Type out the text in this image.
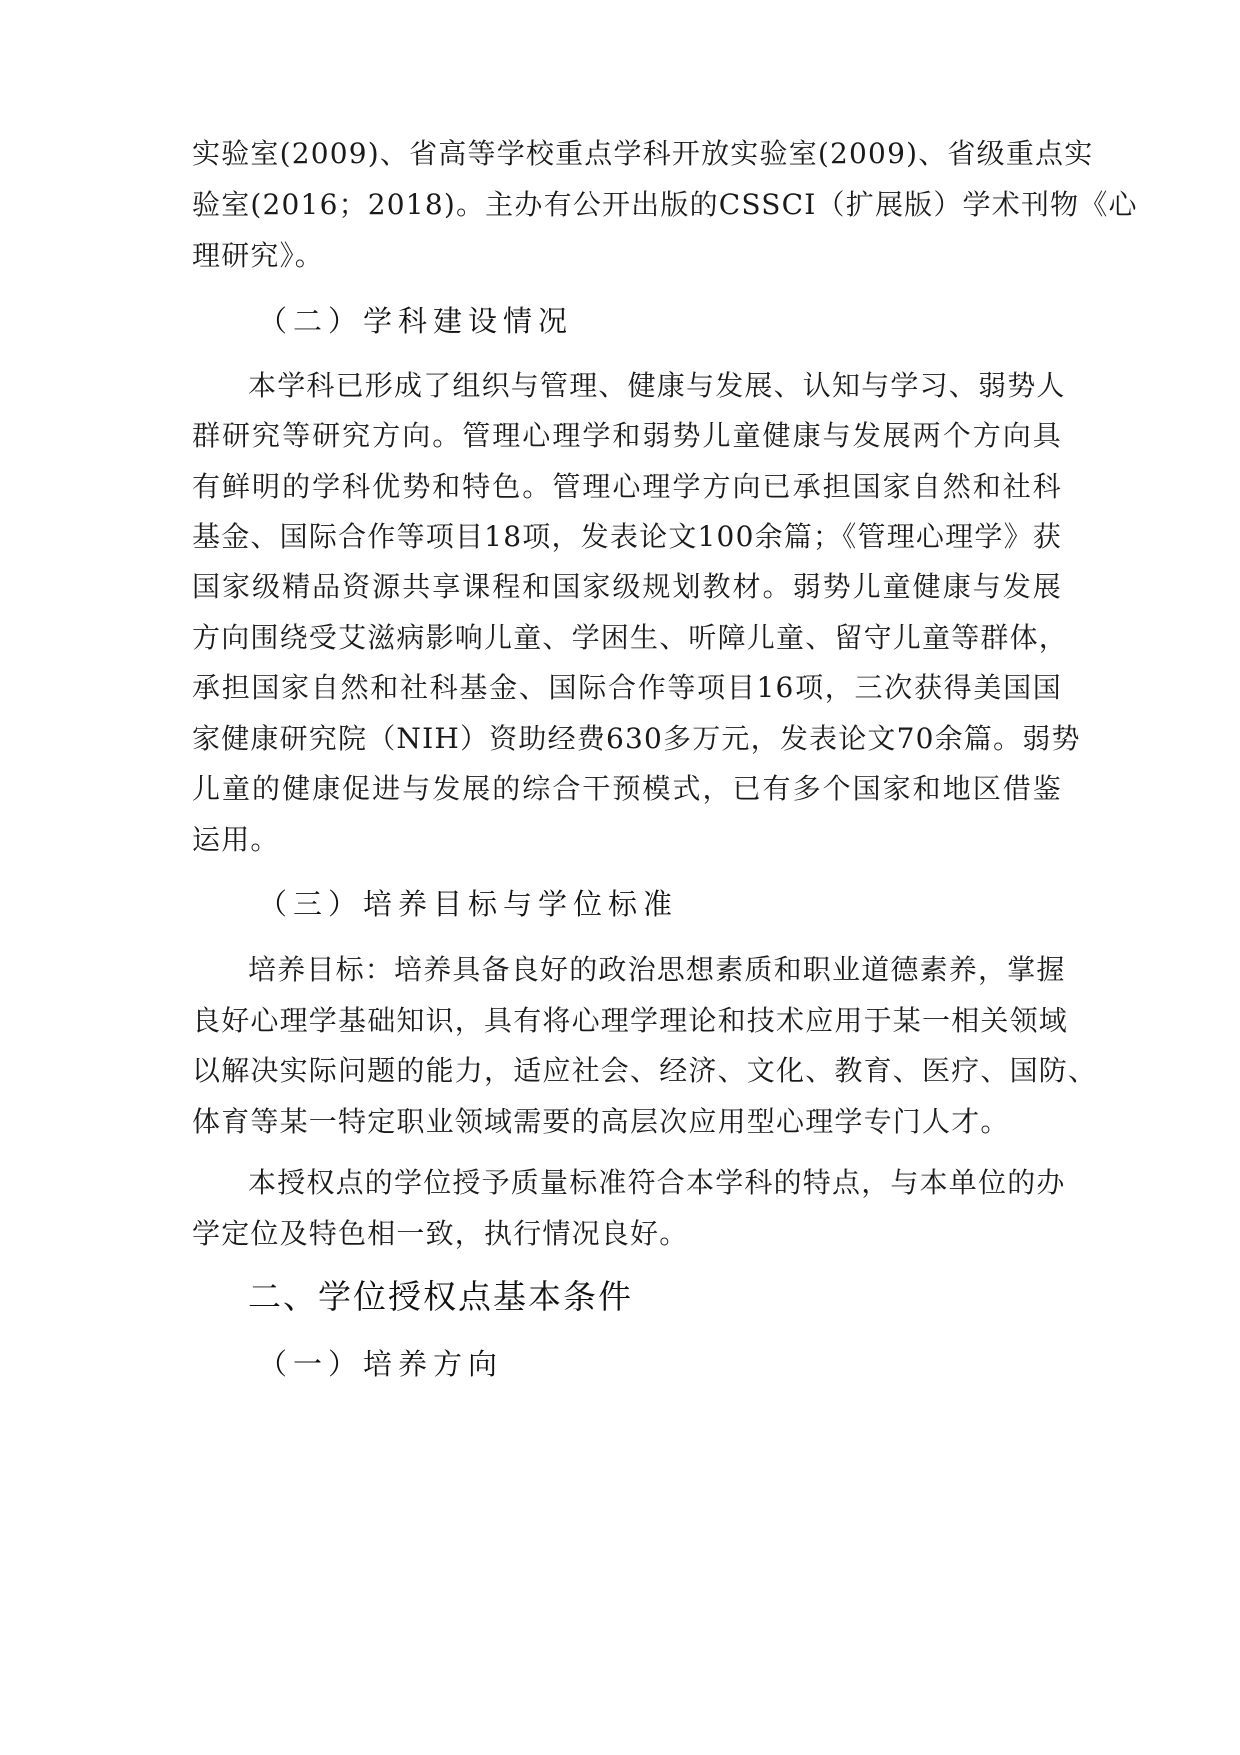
实验室(2009)、省高等学校重点学科开放实验室(2009)、省级重点实
验室(2016；2018)。主办有公开出版的CSSCI（扩展版）学术刊物《心
理研究》。
（二）学科建设情况
本学科已形成了组织与管理、健康与发展、认知与学习、弱势人
群研究等研究方向。管理心理学和弱势儿童健康与发展两个方向具
有鲜明的学科优势和特色。管理心理学方向已承担国家自然和社科
基金、国际合作等项目18项，发表论文100余篇；《管理心理学》获
国家级精品资源共享课程和国家级规划教材。弱势儿童健康与发展
方向围绕受艾滋病影响儿童、学困生、听障儿童、留守儿童等群体，
承担国家自然和社科基金、国际合作等项目16项，三次获得美国国
家健康研究院（NIH）资助经费630多万元，发表论文70余篇。弱势
儿童的健康促进与发展的综合干预模式，已有多个国家和地区借鉴
运用。
（三）培养目标与学位标准
培养目标：培养具备良好的政治思想素质和职业道德素养，掌握
良好心理学基础知识，具有将心理学理论和技术应用于某一相关领域
以解决实际问题的能力，适应社会、经济、文化、教育、医疗、国防、
体育等某一特定职业领域需要的高层次应用型心理学专门人才。
本授权点的学位授予质量标准符合本学科的特点，与本单位的办
学定位及特色相一致，执行情况良好。
二、学位授权点基本条件
（一）培养方向
